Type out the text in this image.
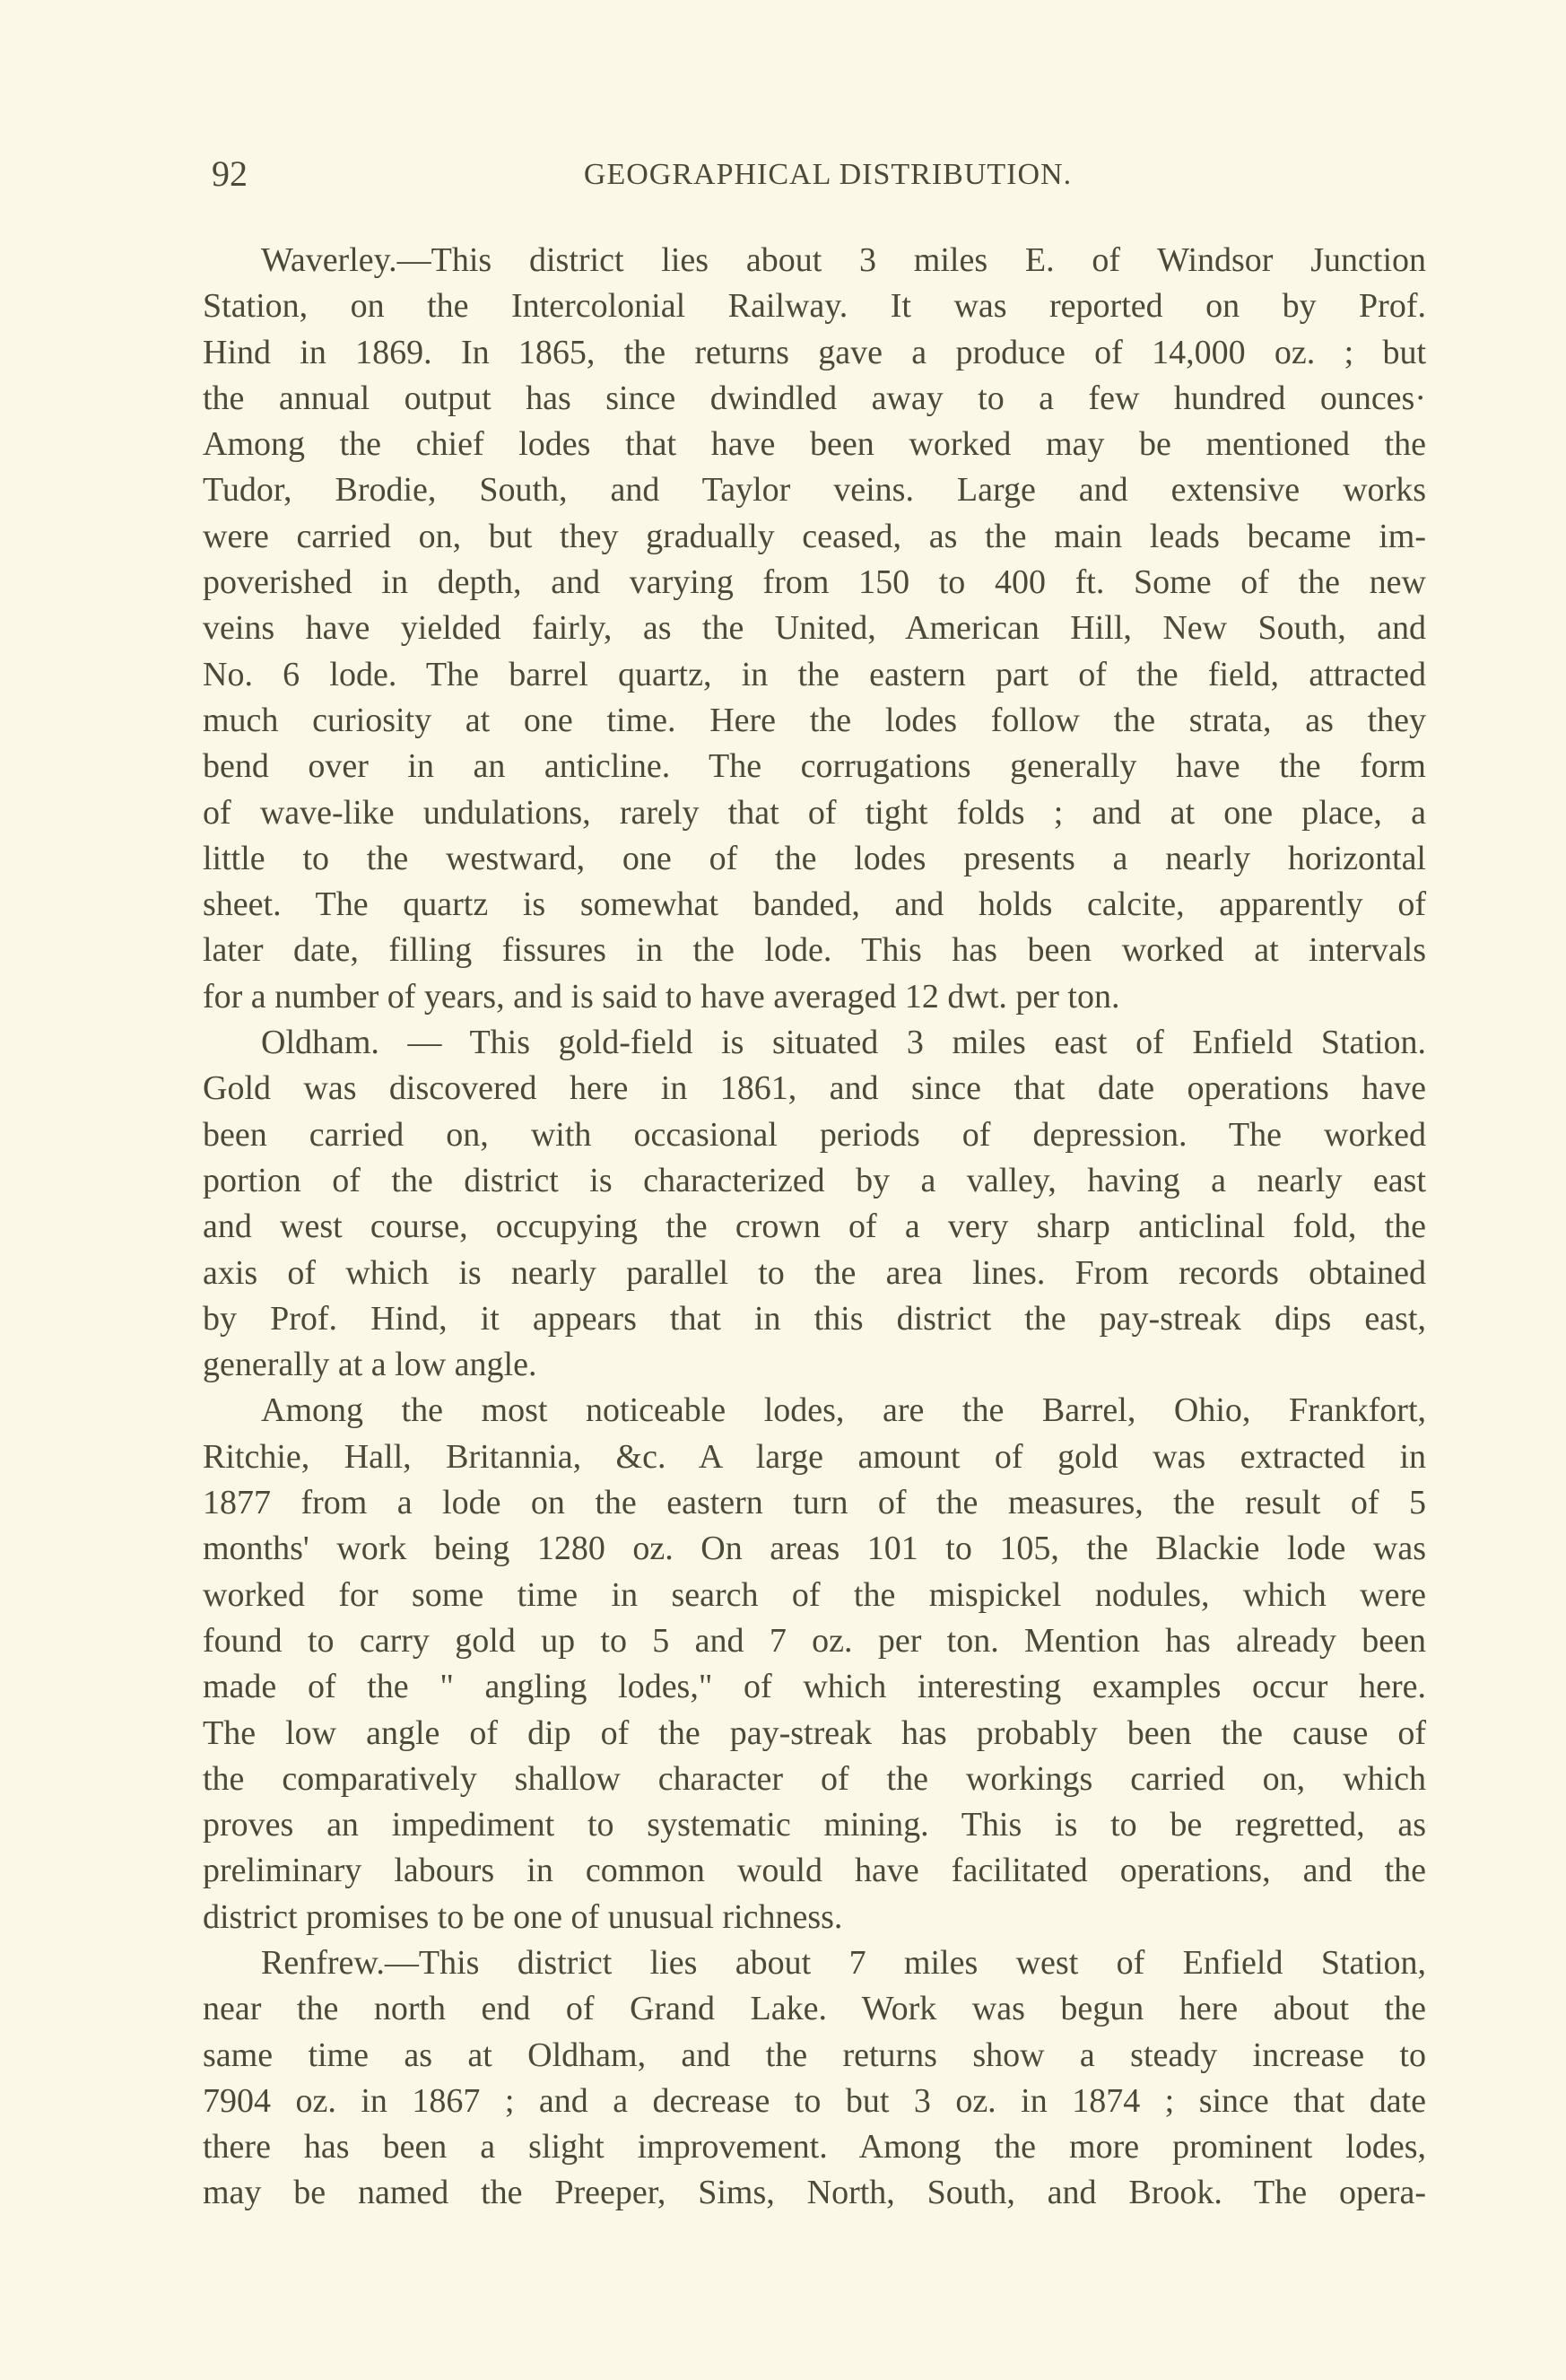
92	GEOGRAPHICAL DISTRIBUTION.
Waverley.—This district lies about 3 miles E. of Windsor Junction
Station, on the Intercolonial Railway. It was reported on by Prof.
Hind in 1869. In 1865, the returns gave a produce of 14,000 oz. ; but
the annual output has since dwindled away to a few hundred ounces·
Among the chief lodes that have been worked may be mentioned the
Tudor, Brodie, South, and Taylor veins. Large and extensive works
were carried on, but they gradually ceased, as the main leads became im-
poverished in depth, and varying from 150 to 400 ft. Some of the new
veins have yielded fairly, as the United, American Hill, New South, and
No. 6 lode. The barrel quartz, in the eastern part of the field, attracted
much curiosity at one time. Here the lodes follow the strata, as they
bend over in an anticline. The corrugations generally have the form
of wave-like undulations, rarely that of tight folds ; and at one place, a
little to the westward, one of the lodes presents a nearly horizontal
sheet. The quartz is somewhat banded, and holds calcite, apparently of
later date, filling fissures in the lode. This has been worked at intervals
for a number of years, and is said to have averaged 12 dwt. per ton.
Oldham. — This gold-field is situated 3 miles east of Enfield Station.
Gold was discovered here in 1861, and since that date operations have
been carried on, with occasional periods of depression. The worked
portion of the district is characterized by a valley, having a nearly east
and west course, occupying the crown of a very sharp anticlinal fold, the
axis of which is nearly parallel to the area lines. From records obtained
by Prof. Hind, it appears that in this district the pay-streak dips east,
generally at a low angle.
Among the most noticeable lodes, are the Barrel, Ohio, Frankfort,
Ritchie, Hall, Britannia, &c. A large amount of gold was extracted in
1877 from a lode on the eastern turn of the measures, the result of 5
months' work being 1280 oz. On areas 101 to 105, the Blackie lode was
worked for some time in search of the mispickel nodules, which were
found to carry gold up to 5 and 7 oz. per ton. Mention has already been
made of the " angling lodes," of which interesting examples occur here.
The low angle of dip of the pay-streak has probably been the cause of
the comparatively shallow character of the workings carried on, which
proves an impediment to systematic mining. This is to be regretted, as
preliminary labours in common would have facilitated operations, and the
district promises to be one of unusual richness.
Renfrew.—This district lies about 7 miles west of Enfield Station,
near the north end of Grand Lake. Work was begun here about the
same time as at Oldham, and the returns show a steady increase to
7904 oz. in 1867 ; and a decrease to but 3 oz. in 1874 ; since that date
there has been a slight improvement. Among the more prominent lodes,
may be named the Preeper, Sims, North, South, and Brook. The opera-
